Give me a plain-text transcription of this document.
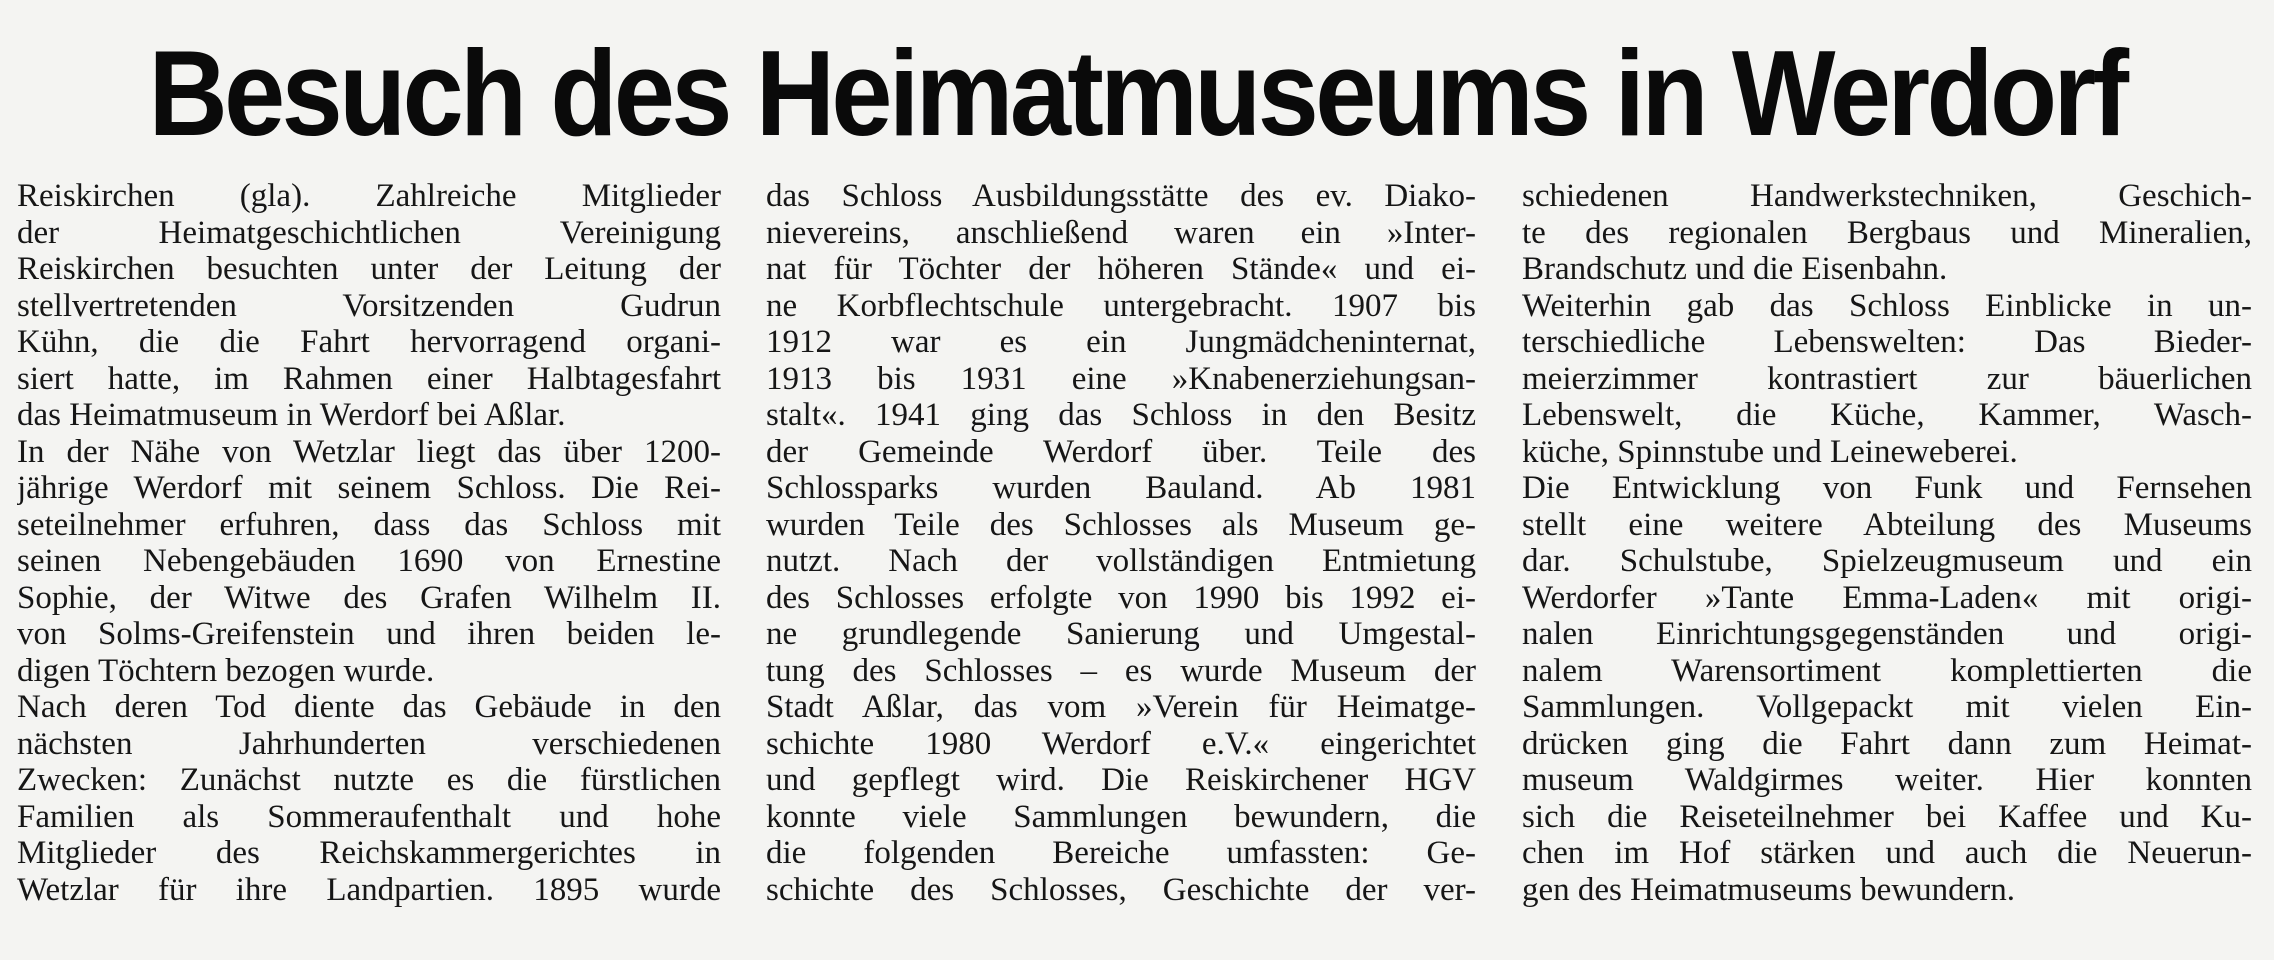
Besuch des Heimatmuseums in Werdorf
Reiskirchen (gla). Zahlreiche Mitglieder
der Heimatgeschichtlichen Vereinigung
Reiskirchen besuchten unter der Leitung der
stellvertretenden Vorsitzenden Gudrun
Kühn, die die Fahrt hervorragend organi-
siert hatte, im Rahmen einer Halbtagesfahrt
das Heimatmuseum in Werdorf bei Aßlar.
In der Nähe von Wetzlar liegt das über 1200-
jährige Werdorf mit seinem Schloss. Die Rei-
seteilnehmer erfuhren, dass das Schloss mit
seinen Nebengebäuden 1690 von Ernestine
Sophie, der Witwe des Grafen Wilhelm II.
von Solms-Greifenstein und ihren beiden le-
digen Töchtern bezogen wurde.
Nach deren Tod diente das Gebäude in den
nächsten Jahrhunderten verschiedenen
Zwecken: Zunächst nutzte es die fürstlichen
Familien als Sommeraufenthalt und hohe
Mitglieder des Reichskammergerichtes in
Wetzlar für ihre Landpartien. 1895 wurde
das Schloss Ausbildungsstätte des ev. Diako-
nievereins, anschließend waren ein »Inter-
nat für Töchter der höheren Stände« und ei-
ne Korbflechtschule untergebracht. 1907 bis
1912 war es ein Jungmädcheninternat,
1913 bis 1931 eine »Knabenerziehungsan-
stalt«. 1941 ging das Schloss in den Besitz
der Gemeinde Werdorf über. Teile des
Schlossparks wurden Bauland. Ab 1981
wurden Teile des Schlosses als Museum ge-
nutzt. Nach der vollständigen Entmietung
des Schlosses erfolgte von 1990 bis 1992 ei-
ne grundlegende Sanierung und Umgestal-
tung des Schlosses – es wurde Museum der
Stadt Aßlar, das vom »Verein für Heimatge-
schichte 1980 Werdorf e.V.« eingerichtet
und gepflegt wird. Die Reiskirchener HGV
konnte viele Sammlungen bewundern, die
die folgenden Bereiche umfassten: Ge-
schichte des Schlosses, Geschichte der ver-
schiedenen Handwerkstechniken, Geschich-
te des regionalen Bergbaus und Mineralien,
Brandschutz und die Eisenbahn.
Weiterhin gab das Schloss Einblicke in un-
terschiedliche Lebenswelten: Das Bieder-
meierzimmer kontrastiert zur bäuerlichen
Lebenswelt, die Küche, Kammer, Wasch-
küche, Spinnstube und Leineweberei.
Die Entwicklung von Funk und Fernsehen
stellt eine weitere Abteilung des Museums
dar. Schulstube, Spielzeugmuseum und ein
Werdorfer »Tante Emma-Laden« mit origi-
nalen Einrichtungsgegenständen und origi-
nalem Warensortiment komplettierten die
Sammlungen. Vollgepackt mit vielen Ein-
drücken ging die Fahrt dann zum Heimat-
museum Waldgirmes weiter. Hier konnten
sich die Reiseteilnehmer bei Kaffee und Ku-
chen im Hof stärken und auch die Neuerun-
gen des Heimatmuseums bewundern.
